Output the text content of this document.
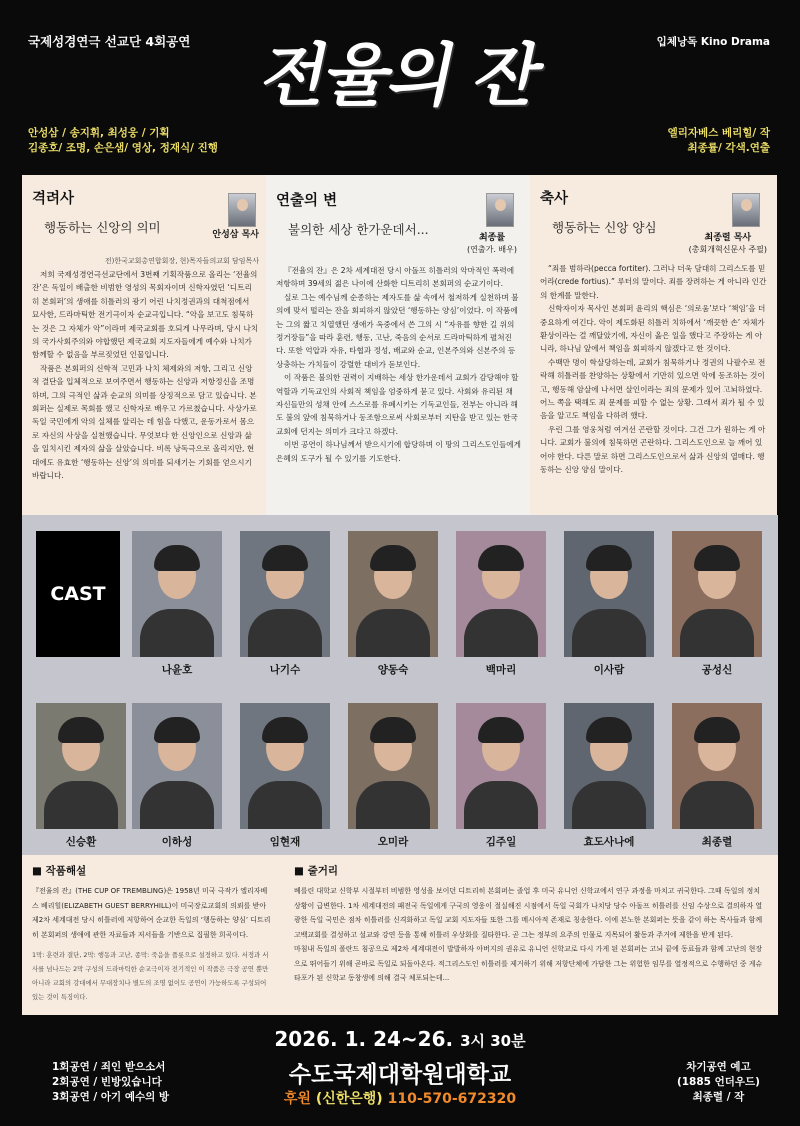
국제성경연극 선교단 4회공연	입체낭독 Kino Drama
전율의 잔
안성삼 / 송지휘, 최성웅 / 기획
김종호/ 조명, 손은샘/ 영상, 정재식/ 진행
엘리자베스 베리힐/ 작
최종률/ 각색.연출
격려사
행동하는 신앙의 의미	안성삼 목사
전)한국교회총연합회장, 현)목자들의교회 담임목사

저희 국제성경연극선교단에서 3번째 기획작품으로 올리는 ‘전율의 잔’은 독일이 배출한 비범한 영성의 목회자이며 신학자였던 ‘디트리히 본회퍼’의 생애를 히틀러의 광기 어린 나치정권과의 대척점에서 묘사한, 드라마틱한 전기극이자 순교극입니다. “악을 보고도 침묵하는 것은 그 자체가 악”이라며 제국교회를 호되게 나무라며, 당시 나치의 국가사회주의와 야합했던 제국교회 지도자들에게 예수와 나치가 함께할 수 없음을 부르짖었던 인물입니다.

작품은 본회퍼의 신학적 고민과 나치 체제와의 저항, 그리고 신앙적 결단을 입체적으로 보여주면서 행동하는 신앙과 저항정신을 조명하며, 그의 극적인 삶과 순교의 의미를 상징적으로 담고 있습니다. 본회퍼는 실제로 목회를 했고 신학자로 배우고 가르쳤습니다. 사상가로 독일 국민에게 악의 실체를 알리는 데 힘을 다했고, 운동가로서 몸으로 자신의 사상을 실천했습니다. 무엇보다 한 신앙인으로 신앙과 삶을 일치시킨 제자의 삶을 살았습니다. 비록 낭독극으로 올리지만, 현대에도 유효한 ‘행동하는 신앙’의 의미를 되새기는 기회를 얻으시기 바랍니다.

연출의 변
불의한 세상 한가운데서...
최종률
(연출가. 배우)

『전율의 잔』은 2차 세계대전 당시 아돌프 히틀러의 악마적인 폭력에 저항하며 39세의 젊은 나이에 산화한 디트리히 본회퍼의 순교기이다.

실로 그는 예수님께 순종하는 제자도를 삶 속에서 철저하게 실천하며 불의에 맞서 떨리는 잔을 회피하지 않았던 ‘행동하는 양심’이었다. 이 작품에는 그의 짧고 치열했던 생애가 옥중에서 쓴 그의 시 “자유를 향한 길 위의 정거장들”을 따라 훈련, 행동, 고난, 죽음의 순서로 드라마틱하게 펼쳐진다. 또한 억압과 자유, 타협과 정성, 배교와 순교, 인본주의와 신본주의 등 상충하는 가치들이 강렬한 대비가 돋보인다.

이 작품은 불의한 권력이 지배하는 세상 한가운데서 교회가 감당해야 할 역할과 기독교인의 사회적 책임을 엄중하게 묻고 있다. 사회와 유리된 채 자신들만의 성채 안에 스스로를 유폐시키는 기독교인들, 전부는 아니라 해도 불의 앞에 침묵하거나 동조함으로써 사회로부터 지탄을 받고 있는 한국 교회에 던지는 의미가 크다고 하겠다.

이번 공연이 하나님께서 받으시기에 합당하며 이 땅의 그리스도인들에게 은혜의 도구가 될 수 있기를 기도한다.

축사
행동하는 신앙 양심
최종렬 목사
(총회개혁신문사 주필)

“죄를 범하라(pecca fortiter). 그러나 더욱 담대히 그리스도를 믿어라(crede fortius).” 루터의 말이다. 죄를 장려하는 게 아니라 인간의 한계를 말한다.

신학자이자 목사인 본회퍼 윤리의 핵심은 ‘의로움’보다 ‘책임’을 더 중요하게 여긴다. 악이 제도화된 히틀러 치하에서 ‘깨끗한 손’ 자체가 환상이라는 걸 깨달았기에, 자신이 옳은 일을 했다고 주장하는 게 아니라, 하나님 앞에서 책임을 회피하지 않겠다고 한 것이다.

수백만 명이 학살당하는데, 교회가 침묵하거나 정권의 나팔수로 전락해 히틀러를 찬양하는 상황에서 기만히 있으면 악에 동조하는 것이고, 행동해 암살에 나서면 살인이라는 죄의 문제가 있어 고뇌하였다. 어느 쪽을 택해도 죄 문제를 피할 수 없는 상황. 그래서 죄가 될 수 있음을 알고도 책임을 다하려 했다.

우린 그를 영웅처럼 여겨선 곤란할 것이다. 그건 그가 원하는 게 아니다. 교회가 불의에 침묵하면 곤란하다. 그리스도인으로 늘 깨어 있어야 한다. 다른 말로 하면 그리스도인으로서 삶과 신앙의 열매다. 행동하는 신앙 양심 말이다.

CAST
나윤호	나기수	양동숙	백마리	이사람	공성신
신승환	이하성	임현재	오미라	김주일	효도사나에	최종렬
■ 작품해설
『전율의 잔』(THE CUP OF TREMBLING)은 1958년 미국 극작가 엘리자베스 베리힐(ELIZABETH GUEST BERRYHILL)이 미국장로교회의 의뢰를 받아 제2차 세계대전 당시 히틀러에 저항하여 순교한 독일의 ‘행동하는 양심’ 디트리히 본회퍼의 생애에 관한 자료들과 저서들을 기반으로 집필한 희곡이다.
1막: 훈련과 결단, 2막: 행동과 고난, 종막: 죽음을 플롯으로 설정하고 있다. 서정과 서사를 넘나드는 2막 구성의 드라마틱한 순교극이자 전기적인 이 작품은 극장 공연 뿐만 아니라 교회의 강대에서 무대장치나 별도의 조명 없이도 공연이 가능하도록 구성되어 있는 것이 특징이다.
■ 줄거리
베를린 대학교 신학부 시절부터 비범한 영성을 보이던 디트리히 본회퍼는 졸업 후 미국 유니언 신학교에서 연구 과정을 마치고 귀국한다. 그때 독일의 정치 상황이 급변한다. 1차 세계대전의 패전국 독일에게 구국의 영웅이 절실해진 시점에서 독일 국회가 나치당 당수 아돌프 히틀러를 신임 수상으로 결의하자 열광한 독일 국민은 점차 히틀러를 신격화하고 독일 교회 지도자들 또한 그를 메시아적 존재로 칭송한다. 이에 본노한 본회퍼는 뜻을 같이 하는 목사들과 함께 고백교회를 결성하고 설교와 강연 등을 통해 히틀러 우상화를 질타한다. 곧 그는 정부의 요주의 인물로 지목되어 활동과 주거에 제한을 받게 된다.
마침내 독일의 폴란드 침공으로 제2차 세계대전이 발발하자 아버지의 권유로 유니언 신학교로 다시 가게 된 본회퍼는 고뇌 끝에 동료들과 함께 고난의 현장으로 뛰어들기 위해 곧바로 독일로 되돌아온다. 적그리스도인 히틀러를 제거하기 위해 저항단체에 가담한 그는 위험한 임무를 열정적으로 수행하던 중 게슈타포가 된 신학교 동창생에 의해 결국 체포되는데...
2026. 1. 24~26. 3시 30분
수도국제대학원대학교
후원 (신한은행) 110-570-672320
1회공연 / 죄인 받으소서
2회공연 / 빈방있습니다
3회공연 / 아기 예수의 방
차기공연 예고
(1885 언더우드)
최종렬 / 작
